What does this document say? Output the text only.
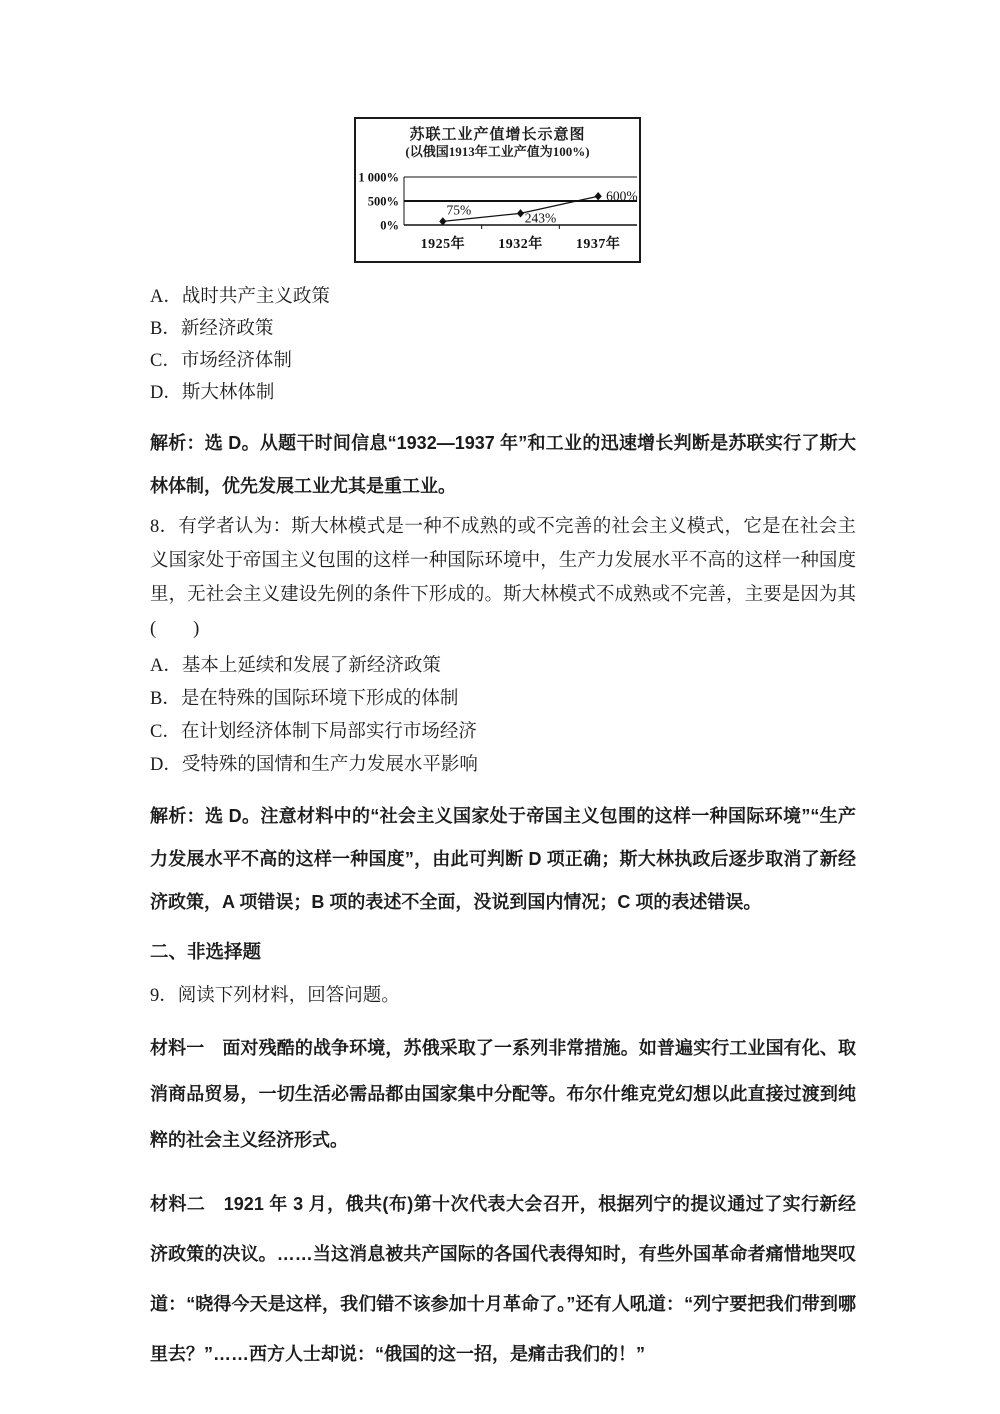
苏联工业产值增长示意图
(以俄国1913年工业产值为100%)
1 000%
500%
0%
75%
1925年
243%
1932年
600%
1937年

A．战时共产主义政策

B．新经济政策

C．市场经济体制

D．斯大林体制

解析：选 D。从题干时间信息“1932—1937 年”和工业的迅速增长判断是苏联实行了斯大林体制，优先发展工业尤其是重工业。

8．有学者认为：斯大林模式是一种不成熟的或不完善的社会主义模式，它是在社会主义国家处于帝国主义包围的这样一种国际环境中，生产力发展水平不高的这样一种国度里，无社会主义建设先例的条件下形成的。斯大林模式不成熟或不完善，主要是因为其(　　)

A．基本上延续和发展了新经济政策

B．是在特殊的国际环境下形成的体制

C．在计划经济体制下局部实行市场经济

D．受特殊的国情和生产力发展水平影响

解析：选 D。注意材料中的“社会主义国家处于帝国主义包围的这样一种国际环境”“生产力发展水平不高的这样一种国度”，由此可判断 D 项正确；斯大林执政后逐步取消了新经济政策，A 项错误；B 项的表述不全面，没说到国内情况；C 项的表述错误。

二、非选择题

9．阅读下列材料，回答问题。

材料一　面对残酷的战争环境，苏俄采取了一系列非常措施。如普遍实行工业国有化、取消商品贸易，一切生活必需品都由国家集中分配等。布尔什维克党幻想以此直接过渡到纯粹的社会主义经济形式。

材料二　1921 年 3 月，俄共(布)第十次代表大会召开，根据列宁的提议通过了实行新经济政策的决议。……当这消息被共产国际的各国代表得知时，有些外国革命者痛惜地哭叹道：“晓得今天是这样，我们错不该参加十月革命了。”还有人吼道：“列宁要把我们带到哪里去？”……西方人士却说：“俄国的这一招，是痛击我们的！”
